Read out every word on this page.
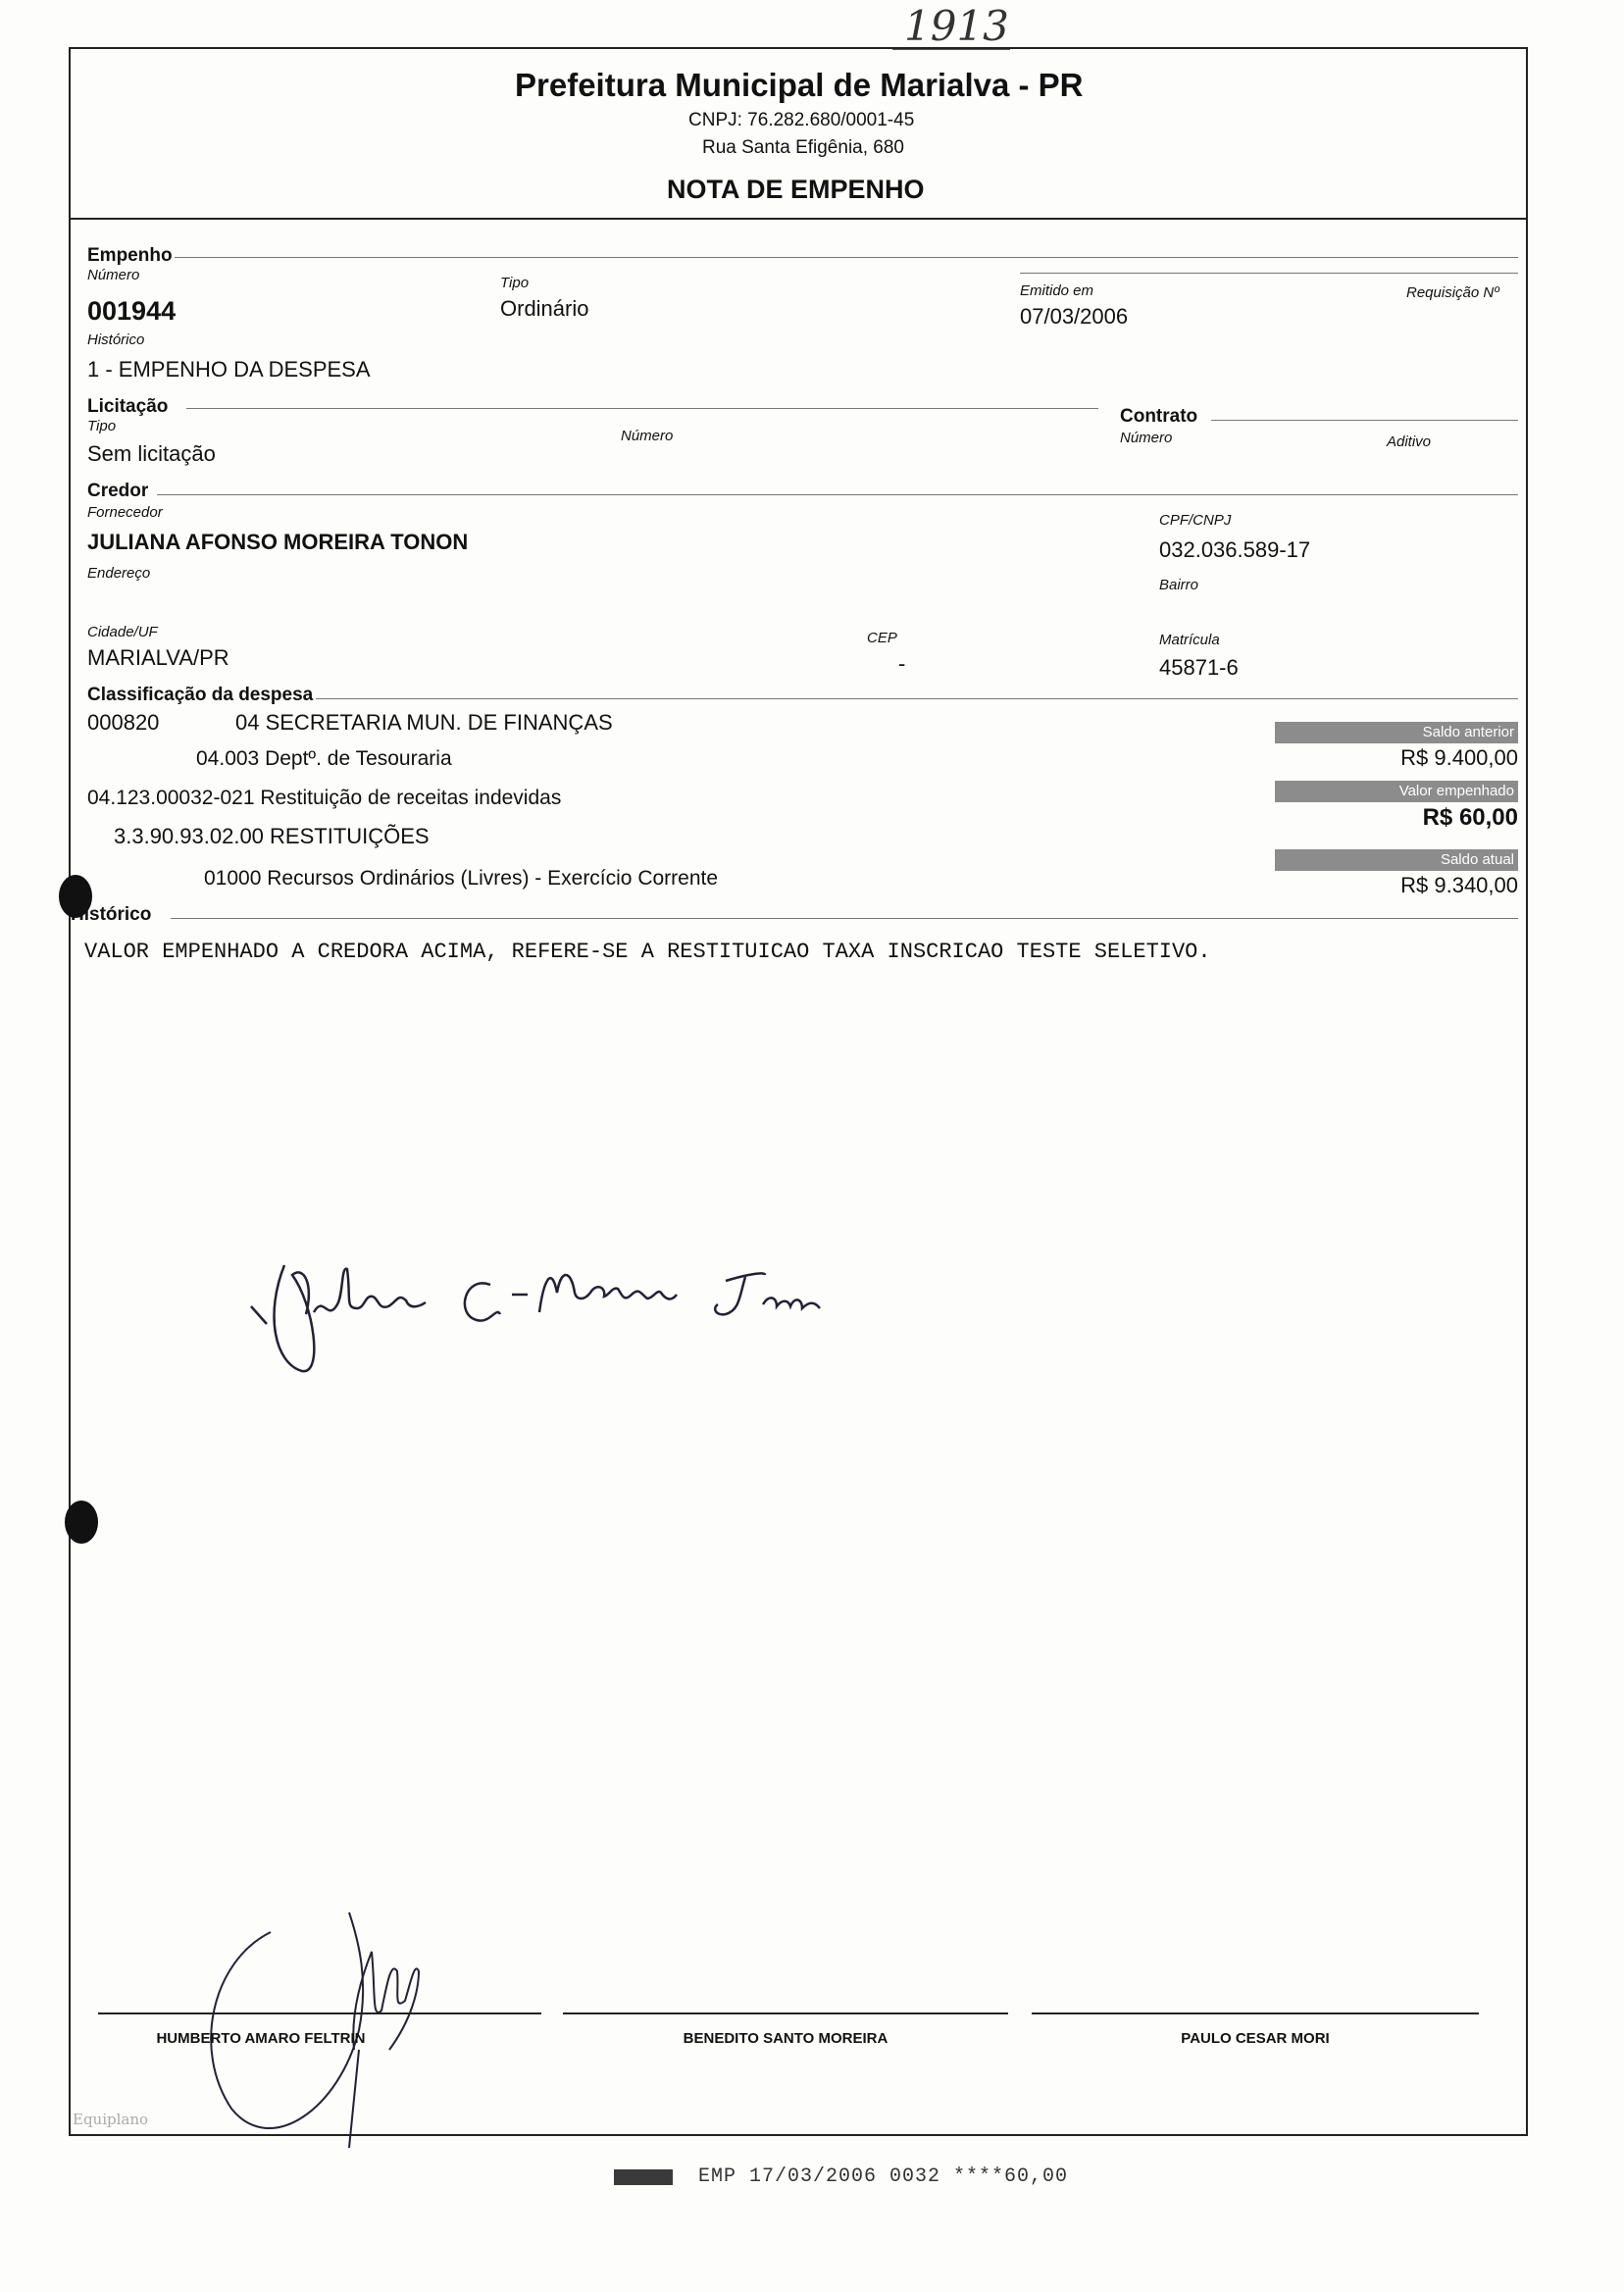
1913
Prefeitura Municipal de Marialva - PR
CNPJ: 76.282.680/0001-45
Rua Santa Efigênia, 680
NOTA DE EMPENHO
Empenho
Número
001944
Tipo
Ordinário
Emitido em
07/03/2006
Requisição Nº
Histórico
1 - EMPENHO DA DESPESA
Licitação
Tipo
Sem licitação
Número
Contrato
Número	Aditivo
Credor
Fornecedor
JULIANA AFONSO MOREIRA TONON
CPF/CNPJ
032.036.589-17
Endereço
Bairro
Cidade/UF
MARIALVA/PR
CEP
-
Matrícula
45871-6
Classificação da despesa
000820	04 SECRETARIA MUN. DE FINANÇAS
04.003 Deptº. de Tesouraria
04.123.00032-021 Restituição de receitas indevidas
3.3.90.93.02.00 RESTITUIÇÕES
01000 Recursos Ordinários (Livres) - Exercício Corrente
Saldo anterior
R$ 9.400,00
Valor empenhado
R$ 60,00
Saldo atual
R$ 9.340,00
Histórico
VALOR EMPENHADO A CREDORA ACIMA, REFERE-SE A RESTITUICAO TAXA INSCRICAO TESTE SELETIVO.
HUMBERTO AMARO FELTRIN	BENEDITO SANTO MOREIRA	PAULO CESAR MORI
Equiplano
EMP 17/03/2006 0032 ****60,00
